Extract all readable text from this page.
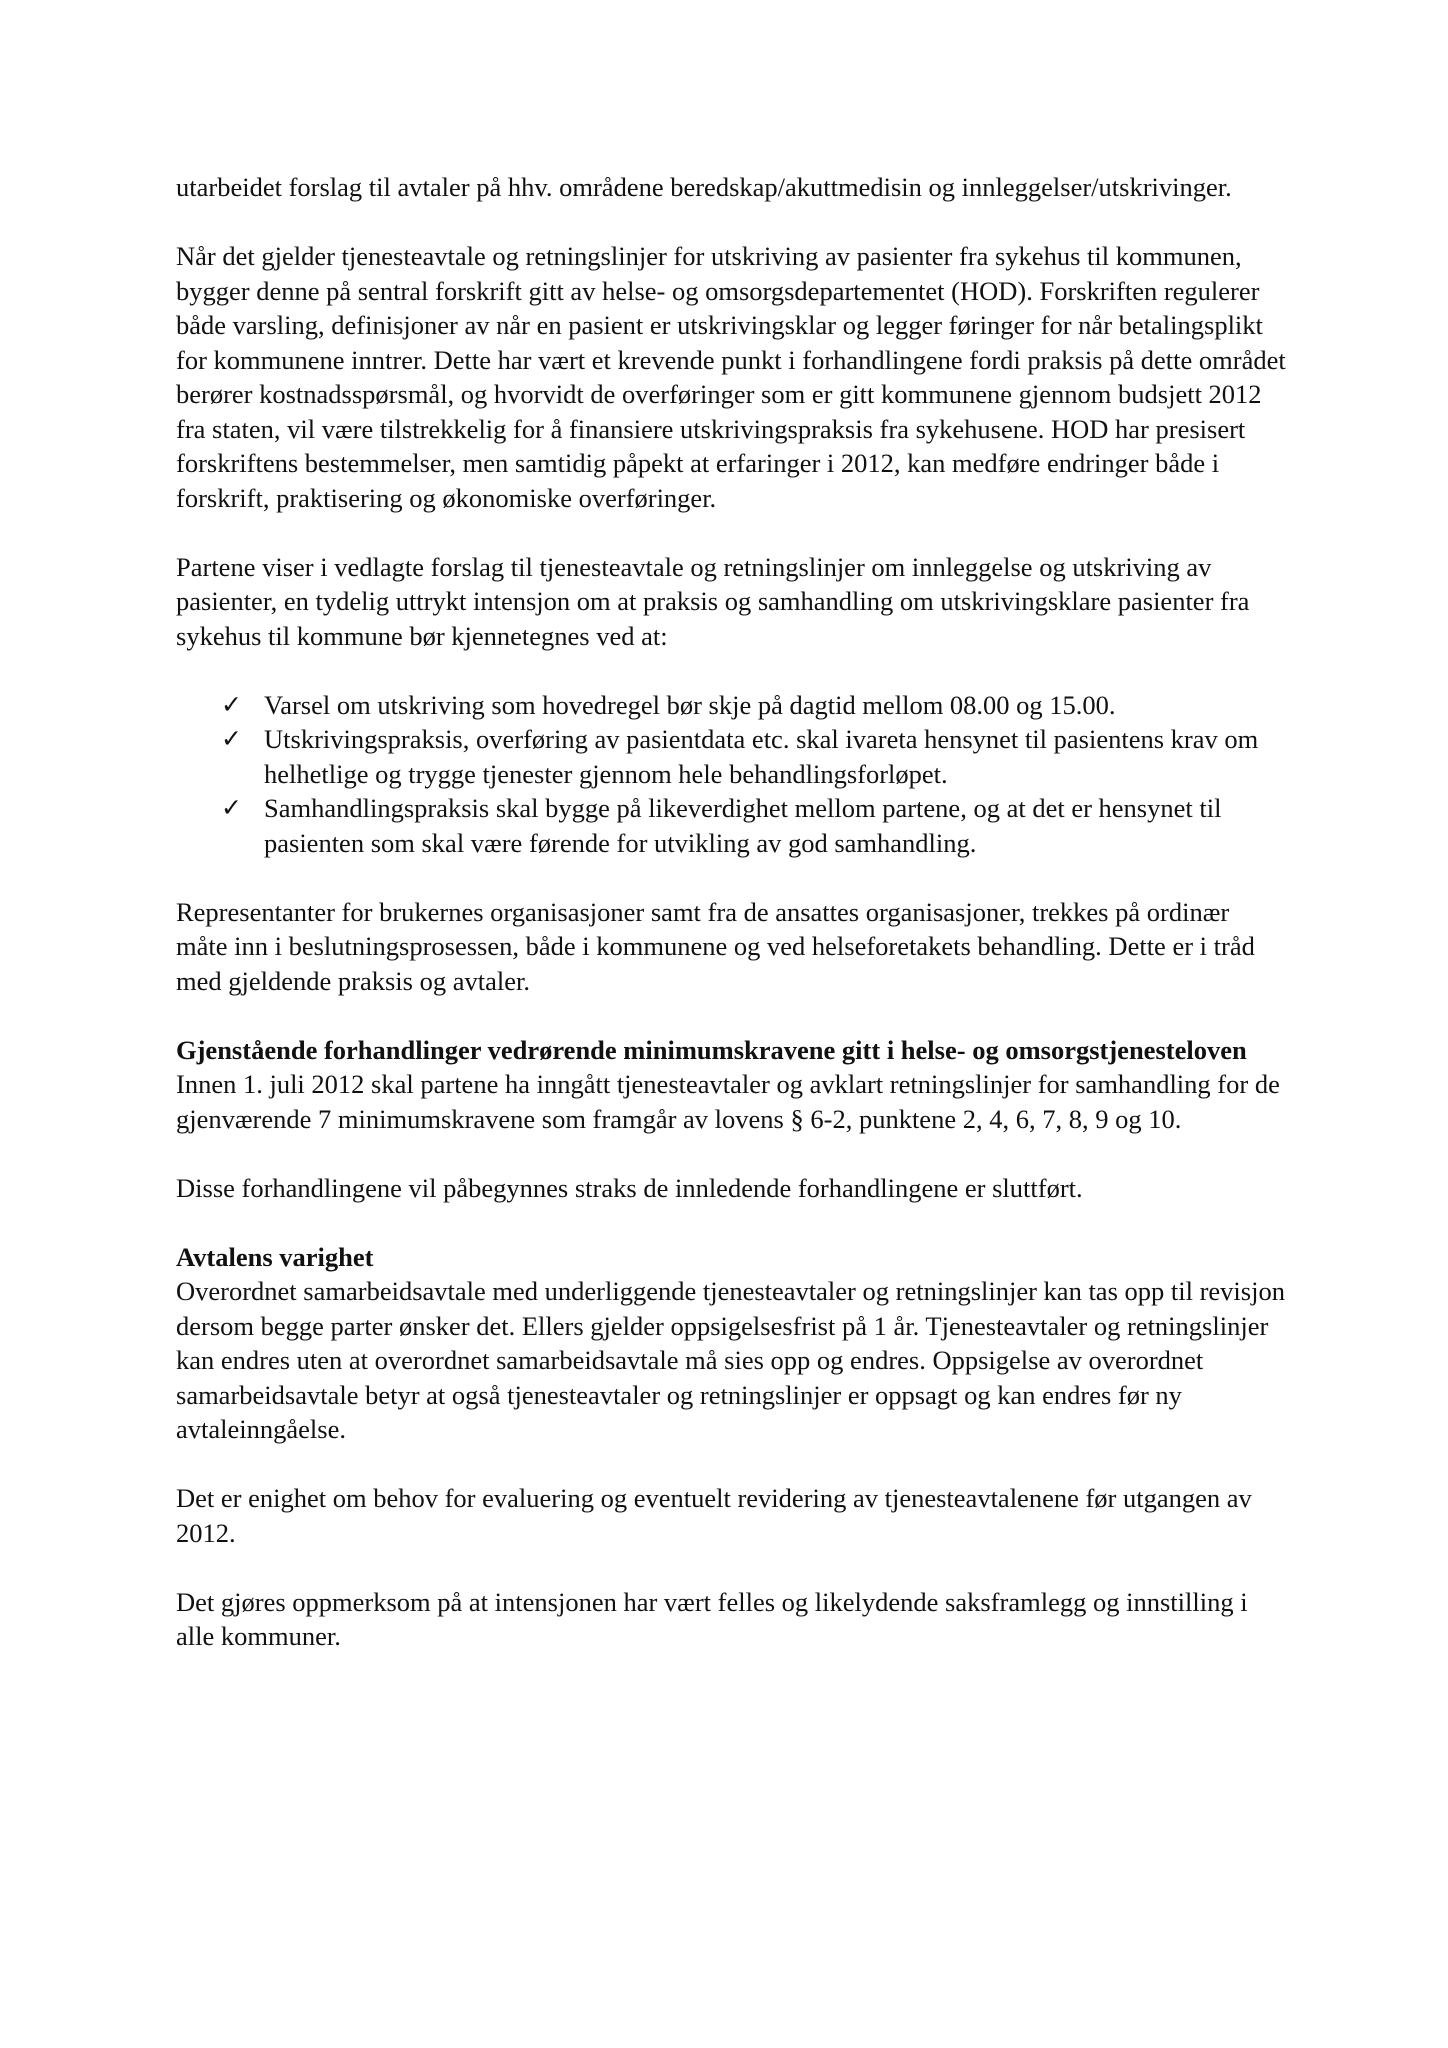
utarbeidet forslag til avtaler på hhv. områdene beredskap/akuttmedisin og innleggelser/utskrivinger.

Når det gjelder tjenesteavtale og retningslinjer for utskriving av pasienter fra sykehus til kommunen, bygger denne på sentral forskrift gitt av helse- og omsorgsdepartementet (HOD). Forskriften regulerer både varsling, definisjoner av når en pasient er utskrivingsklar og legger føringer for når betalingsplikt for kommunene inntrer. Dette har vært et krevende punkt i forhandlingene fordi praksis på dette området berører kostnadsspørsmål, og hvorvidt de overføringer som er gitt kommunene gjennom budsjett 2012 fra staten, vil være tilstrekkelig for å finansiere utskrivingspraksis fra sykehusene. HOD har presisert forskriftens bestemmelser, men samtidig påpekt at erfaringer i 2012, kan medføre endringer både i forskrift, praktisering og økonomiske overføringer.

Partene viser i vedlagte forslag til tjenesteavtale og retningslinjer om innleggelse og utskriving av pasienter, en tydelig uttrykt intensjon om at praksis og samhandling om utskrivingsklare pasienter fra sykehus til kommune bør kjennetegnes ved at:

✓ Varsel om utskriving som hovedregel bør skje på dagtid mellom 08.00 og 15.00.
✓ Utskrivingspraksis, overføring av pasientdata etc. skal ivareta hensynet til pasientens krav om helhetlige og trygge tjenester gjennom hele behandlingsforløpet.
✓ Samhandlingspraksis skal bygge på likeverdighet mellom partene, og at det er hensynet til pasienten som skal være førende for utvikling av god samhandling.

Representanter for brukernes organisasjoner samt fra de ansattes organisasjoner, trekkes på ordinær måte inn i beslutningsprosessen, både i kommunene og ved helseforetakets behandling. Dette er i tråd med gjeldende praksis og avtaler.

Gjenstående forhandlinger vedrørende minimumskravene gitt i helse- og omsorgstjenesteloven
Innen 1. juli 2012 skal partene ha inngått tjenesteavtaler og avklart retningslinjer for samhandling for de gjenværende 7 minimumskravene som framgår av lovens § 6-2, punktene 2, 4, 6, 7, 8, 9 og 10.

Disse forhandlingene vil påbegynnes straks de innledende forhandlingene er sluttført.

Avtalens varighet
Overordnet samarbeidsavtale med underliggende tjenesteavtaler og retningslinjer kan tas opp til revisjon dersom begge parter ønsker det. Ellers gjelder oppsigelsesfrist på 1 år. Tjenesteavtaler og retningslinjer kan endres uten at overordnet samarbeidsavtale må sies opp og endres. Oppsigelse av overordnet samarbeidsavtale betyr at også tjenesteavtaler og retningslinjer er oppsagt og kan endres før ny avtaleinngåelse.

Det er enighet om behov for evaluering og eventuelt revidering av tjenesteavtalenene før utgangen av 2012.

Det gjøres oppmerksom på at intensjonen har vært felles og likelydende saksframlegg og innstilling i alle kommuner.
